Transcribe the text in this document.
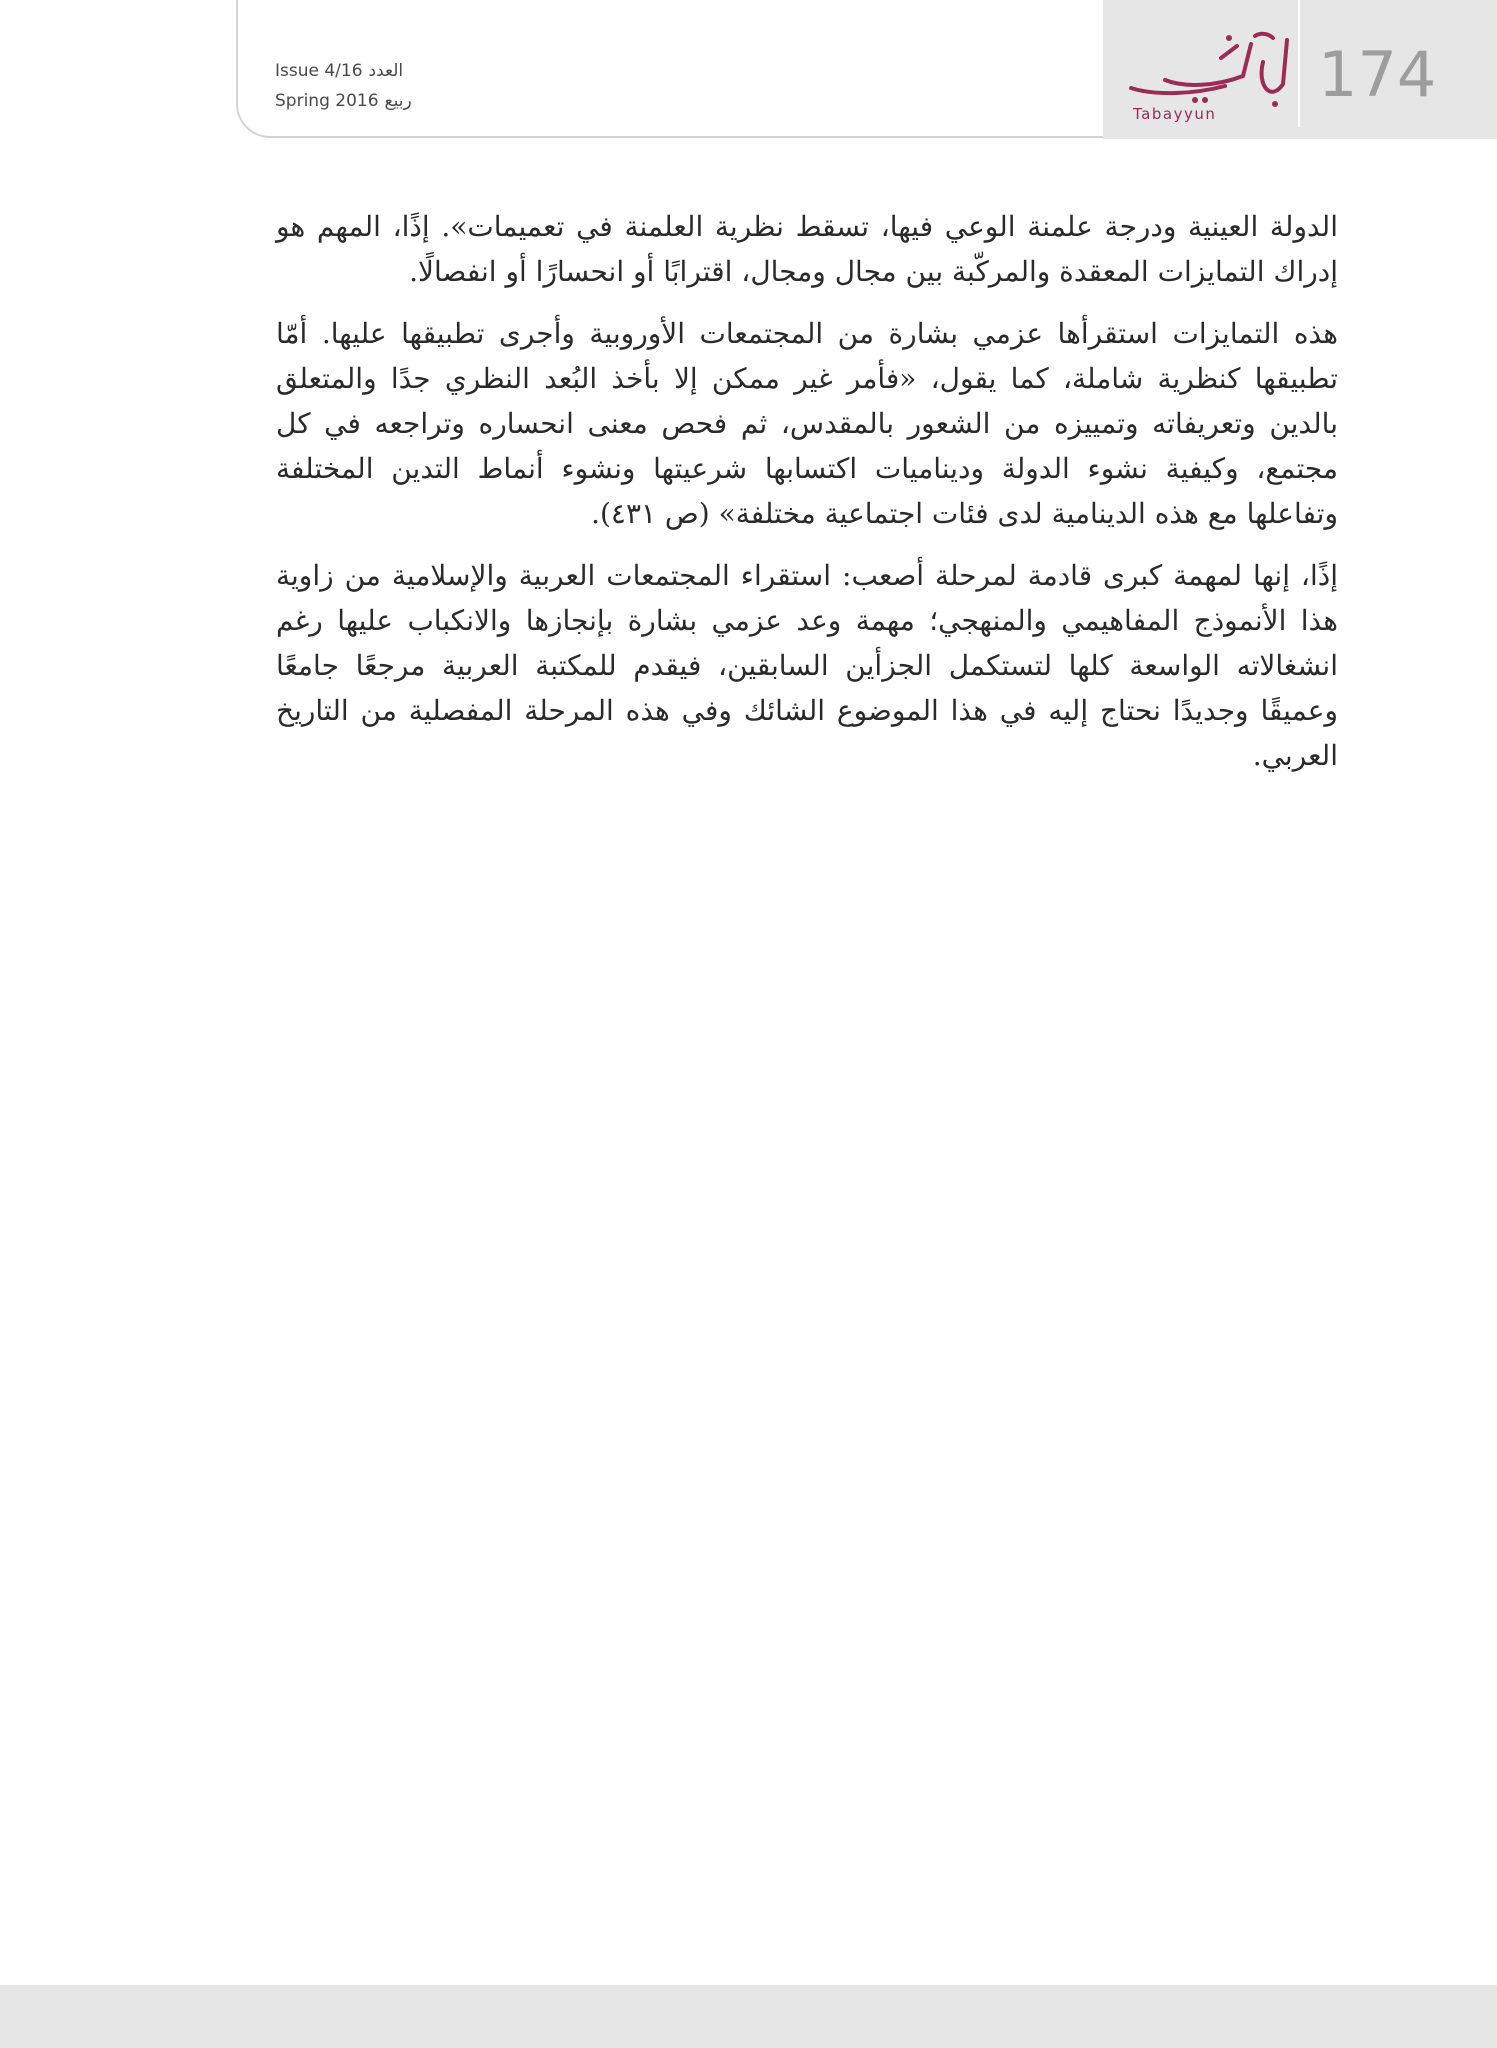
Issue 4/16 العدد
Spring 2016 ربيع
Tabayyun
174

الدولة العينية ودرجة علمنة الوعي فيها، تسقط نظرية العلمنة في تعميمات». إذًا، المهم هو إدراك التمايزات المعقدة والمركّبة بين مجال ومجال، اقترابًا أو انحسارًا أو انفصالًا.

هذه التمايزات استقرأها عزمي بشارة من المجتمعات الأوروبية وأجرى تطبيقها عليها. أمّا تطبيقها كنظرية شاملة، كما يقول، «فأمر غير ممكن إلا بأخذ البُعد النظري جدًا والمتعلق بالدين وتعريفاته وتمييزه من الشعور بالمقدس، ثم فحص معنى انحساره وتراجعه في كل مجتمع، وكيفية نشوء الدولة وديناميات اكتسابها شرعيتها ونشوء أنماط التدين المختلفة وتفاعلها مع هذه الدينامية لدى فئات اجتماعية مختلفة» (ص ٤٣١).

إذًا، إنها لمهمة كبرى قادمة لمرحلة أصعب: استقراء المجتمعات العربية والإسلامية من زاوية هذا الأنموذج المفاهيمي والمنهجي؛ مهمة وعد عزمي بشارة بإنجازها والانكباب عليها رغم انشغالاته الواسعة كلها لتستكمل الجزأين السابقين، فيقدم للمكتبة العربية مرجعًا جامعًا وعميقًا وجديدًا نحتاج إليه في هذا الموضوع الشائك وفي هذه المرحلة المفصلية من التاريخ العربي.
